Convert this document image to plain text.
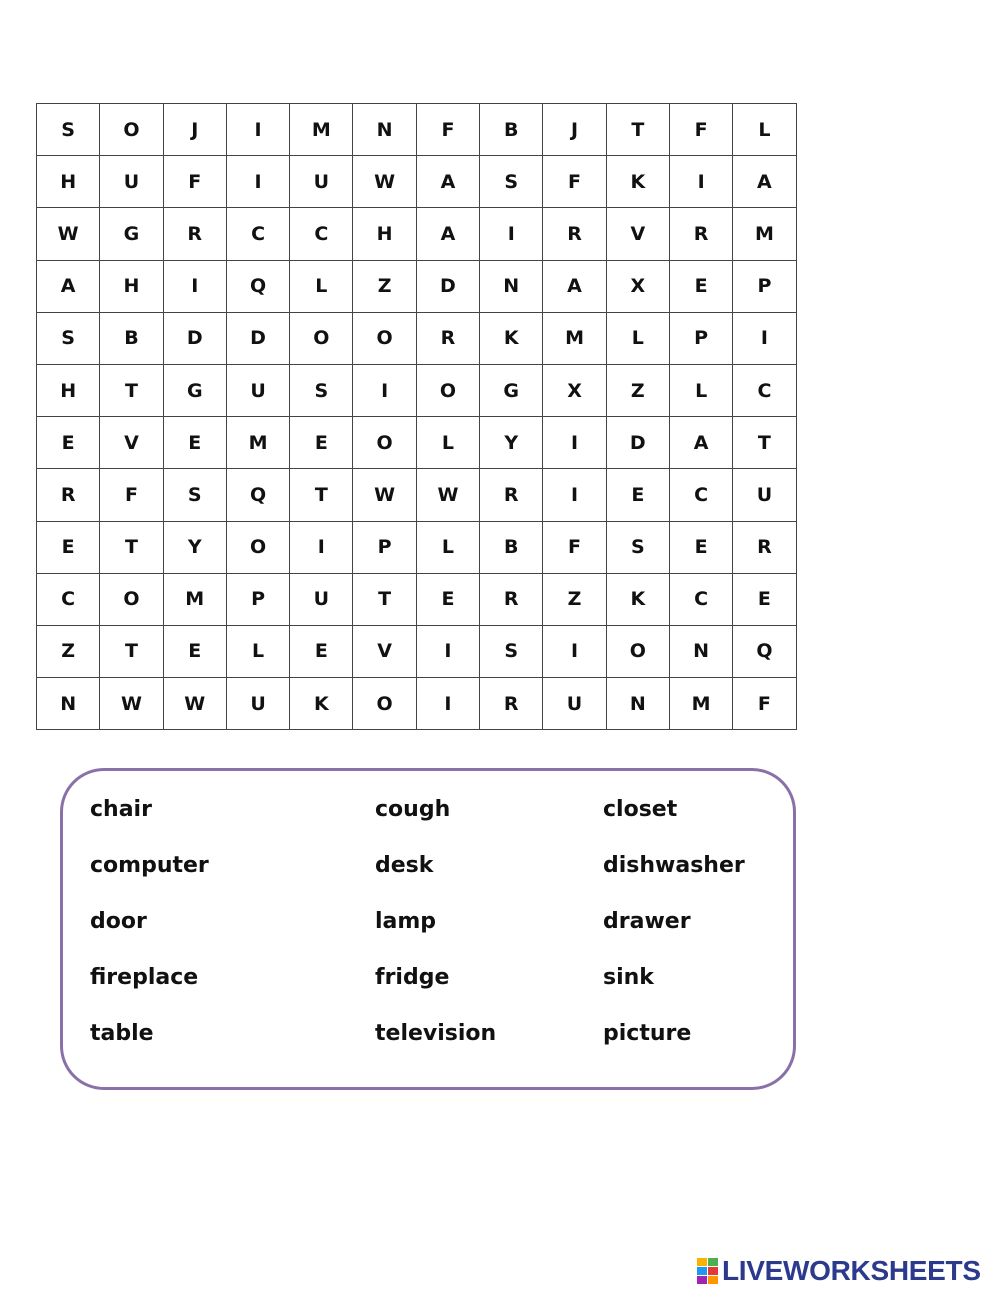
S	O	J	I	M	N	F	B	J	T	F	L
H	U	F	I	U	W	A	S	F	K	I	A
W	G	R	C	C	H	A	I	R	V	R	M
A	H	I	Q	L	Z	D	N	A	X	E	P
S	B	D	D	O	O	R	K	M	L	P	I
H	T	G	U	S	I	O	G	X	Z	L	C
E	V	E	M	E	O	L	Y	I	D	A	T
R	F	S	Q	T	W	W	R	I	E	C	U
E	T	Y	O	I	P	L	B	F	S	E	R
C	O	M	P	U	T	E	R	Z	K	C	E
Z	T	E	L	E	V	I	S	I	O	N	Q
N	W	W	U	K	O	I	R	U	N	M	F
chair
computer
door
fireplace
table
cough
desk
lamp
fridge
television
closet
dishwasher
drawer
sink
picture
LIVEWORKSHEETS
